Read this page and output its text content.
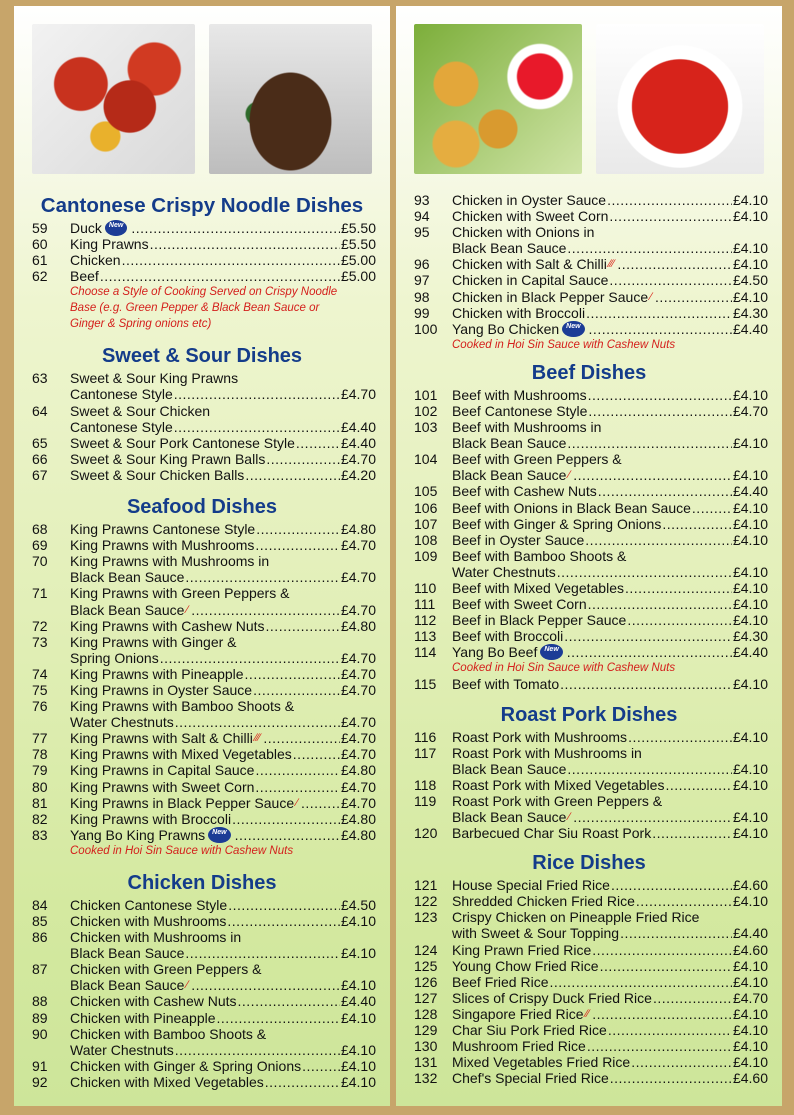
Cantonese Crispy Noodle Dishes
59	Duck	New .....	£5.50
60	King Prawns .....	£5.50
61	Chicken .....	£5.00
62	Beef .....	£5.00
Choose a Style of Cooking Served on Crispy Noodle
Base (e.g. Green Pepper & Black Bean Sauce or
Ginger & Spring onions etc)
Sweet & Sour Dishes
63	Sweet & Sour King Prawns
Cantonese Style .....	£4.70
64	Sweet & Sour Chicken
Cantonese Style .....	£4.40
65	Sweet & Sour Pork Cantonese Style .....	£4.40
66	Sweet & Sour King Prawn Balls .....	£4.70
67	Sweet & Sour Chicken Balls .....	£4.20
Seafood Dishes
68	King Prawns Cantonese Style .....	£4.80
69	King Prawns with Mushrooms .....	£4.70
70	King Prawns with Mushrooms in
Black Bean Sauce .....	£4.70
71	King Prawns with Green Peppers &
Black Bean Sauce ∕ .....	£4.70
72	King Prawns with Cashew Nuts .....	£4.80
73	King Prawns with Ginger &
Spring Onions .....	£4.70
74	King Prawns with Pineapple .....	£4.70
75	King Prawns in Oyster Sauce .....	£4.70
76	King Prawns with Bamboo Shoots &
Water Chestnuts .....	£4.70
77	King Prawns with Salt & Chilli ∕∕∕ .....	£4.70
78	King Prawns with Mixed Vegetables .....	£4.70
79	King Prawns in Capital Sauce .....	£4.80
80	King Prawns with Sweet Corn .....	£4.70
81	King Prawns in Black Pepper Sauce ∕ .....	£4.70
82	King Prawns with Broccoli .....	£4.80
83	Yang Bo King Prawns	New .....	£4.80
Cooked in Hoi Sin Sauce with Cashew Nuts
Chicken Dishes
84	Chicken Cantonese Style .....	£4.50
85	Chicken with Mushrooms .....	£4.10
86	Chicken with Mushrooms in
Black Bean Sauce .....	£4.10
87	Chicken with Green Peppers &
Black Bean Sauce ∕ .....	£4.10
88	Chicken with Cashew Nuts .....	£4.40
89	Chicken with Pineapple .....	£4.10
90	Chicken with Bamboo Shoots &
Water Chestnuts .....	£4.10
91	Chicken with Ginger & Spring Onions .....	£4.10
92	Chicken with Mixed Vegetables .....	£4.10
93	Chicken in Oyster Sauce .....	£4.10
94	Chicken with Sweet Corn .....	£4.10
95	Chicken with Onions in
Black Bean Sauce .....	£4.10
96	Chicken with Salt & Chilli ∕∕∕ .....	£4.10
97	Chicken in Capital Sauce .....	£4.50
98	Chicken in Black Pepper Sauce ∕ .....	£4.10
99	Chicken with Broccoli .....	£4.30
100	Yang Bo Chicken	New .....	£4.40
Cooked in Hoi Sin Sauce with Cashew Nuts
Beef Dishes
101	Beef with Mushrooms .....	£4.10
102	Beef Cantonese Style .....	£4.70
103	Beef with Mushrooms in
Black Bean Sauce .....	£4.10
104	Beef with Green Peppers &
Black Bean Sauce ∕ .....	£4.10
105	Beef with Cashew Nuts .....	£4.40
106	Beef with Onions in Black Bean Sauce .....	£4.10
107	Beef with Ginger & Spring Onions .....	£4.10
108	Beef in Oyster Sauce .....	£4.10
109	Beef with Bamboo Shoots &
Water Chestnuts .....	£4.10
110	Beef with Mixed Vegetables .....	£4.10
111	Beef with Sweet Corn .....	£4.10
112	Beef in Black Pepper Sauce .....	£4.10
113	Beef with Broccoli .....	£4.30
114	Yang Bo Beef	New .....	£4.40
Cooked in Hoi Sin Sauce with Cashew Nuts
115	Beef with Tomato .....	£4.10
Roast Pork Dishes
116	Roast Pork with Mushrooms .....	£4.10
117	Roast Pork with Mushrooms in
Black Bean Sauce .....	£4.10
118	Roast Pork with Mixed Vegetables .....	£4.10
119	Roast Pork with Green Peppers &
Black Bean Sauce ∕ .....	£4.10
120	Barbecued Char Siu Roast Pork .....	£4.10
Rice Dishes
121	House Special Fried Rice .....	£4.60
122	Shredded Chicken Fried Rice .....	£4.10
123	Crispy Chicken on Pineapple Fried Rice
with Sweet & Sour Topping .....	£4.40
124	King Prawn Fried Rice .....	£4.60
125	Young Chow Fried Rice .....	£4.10
126	Beef Fried Rice .....	£4.10
127	Slices of Crispy Duck Fried Rice .....	£4.70
128	Singapore Fried Rice ∕∕ .....	£4.10
129	Char Siu Pork Fried Rice .....	£4.10
130	Mushroom Fried Rice .....	£4.10
131	Mixed Vegetables Fried Rice .....	£4.10
132	Chef's Special Fried Rice .....	£4.60
